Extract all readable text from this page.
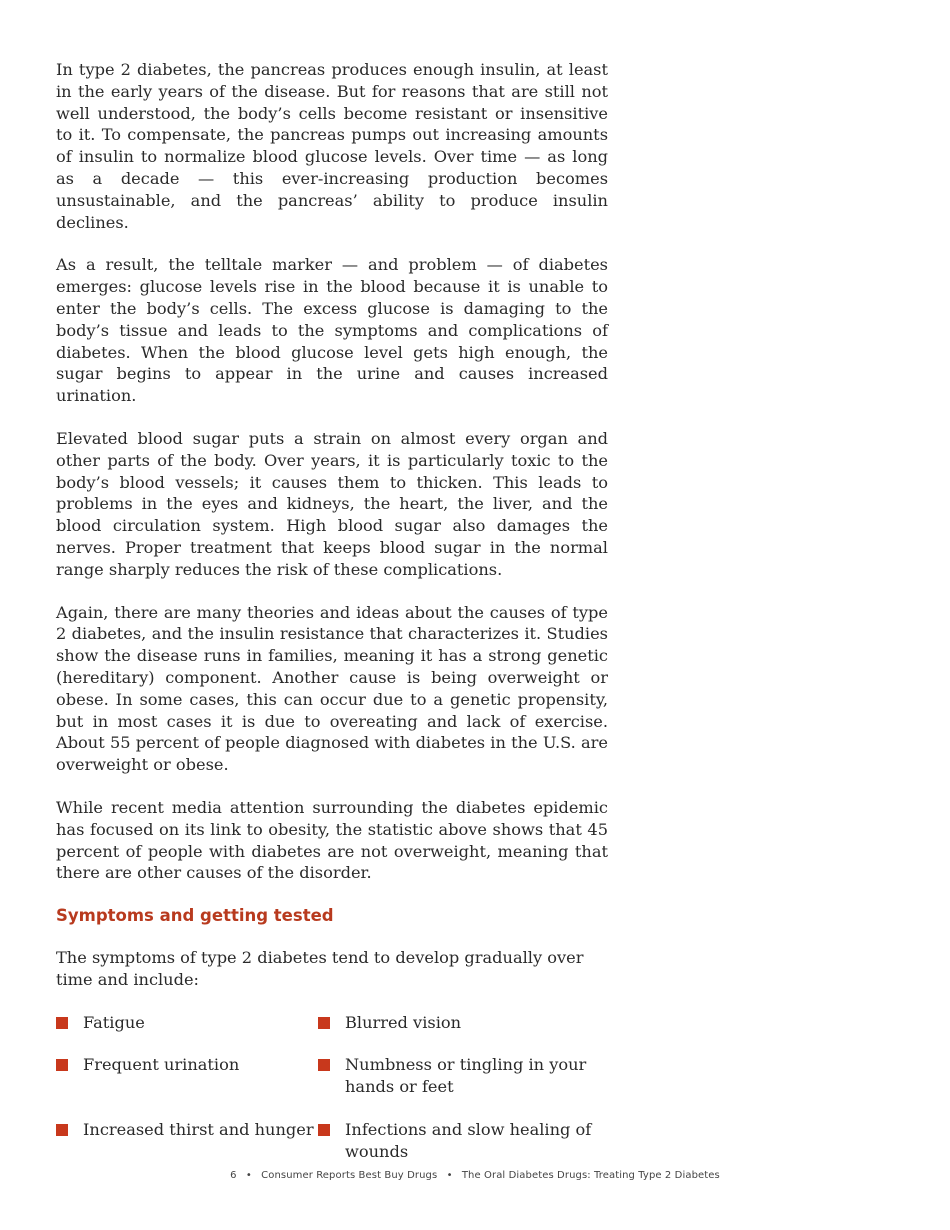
In type 2 diabetes, the pancreas produces enough insulin, at least in the early years of the disease. But for reasons that are still not well understood, the body’s cells become resistant or insensitive to it. To compensate, the pancreas pumps out increasing amounts of insulin to normalize blood glucose levels. Over time — as long as a decade — this ever-increasing production becomes unsustainable, and the pancreas’ ability to produce insulin declines.

As a result, the telltale marker — and problem — of diabetes emerges: glucose levels rise in the blood because it is unable to enter the body’s cells. The excess glucose is damaging to the body’s tissue and leads to the symptoms and complications of diabetes. When the blood glucose level gets high enough, the sugar begins to appear in the urine and causes increased urination.

Elevated blood sugar puts a strain on almost every organ and other parts of the body. Over years, it is particularly toxic to the body’s blood vessels; it causes them to thicken. This leads to problems in the eyes and kidneys, the heart, the liver, and the blood circulation system. High blood sugar also damages the nerves. Proper treatment that keeps blood sugar in the normal range sharply reduces the risk of these complications.

Again, there are many theories and ideas about the causes of type 2 diabetes, and the insulin resistance that characterizes it. Studies show the disease runs in families, meaning it has a strong genetic (hereditary) component. Another cause is being overweight or obese. In some cases, this can occur due to a genetic propensity, but in most cases it is due to overeating and lack of exercise. About 55 percent of people diagnosed with diabetes in the U.S. are overweight or obese.

While recent media attention surrounding the diabetes epidemic has focused on its link to obesity, the statistic above shows that 45 percent of people with diabetes are not overweight, meaning that there are other causes of the disorder.

Symptoms and getting tested

The symptoms of type 2 diabetes tend to develop gradually over time and include:

Fatigue	Blurred vision
Frequent urination	Numbness or tingling in your hands or feet
Increased thirst and hunger Infections and slow healing of wounds
6 • Consumer Reports Best Buy Drugs • The Oral Diabetes Drugs: Treating Type 2 Diabetes
